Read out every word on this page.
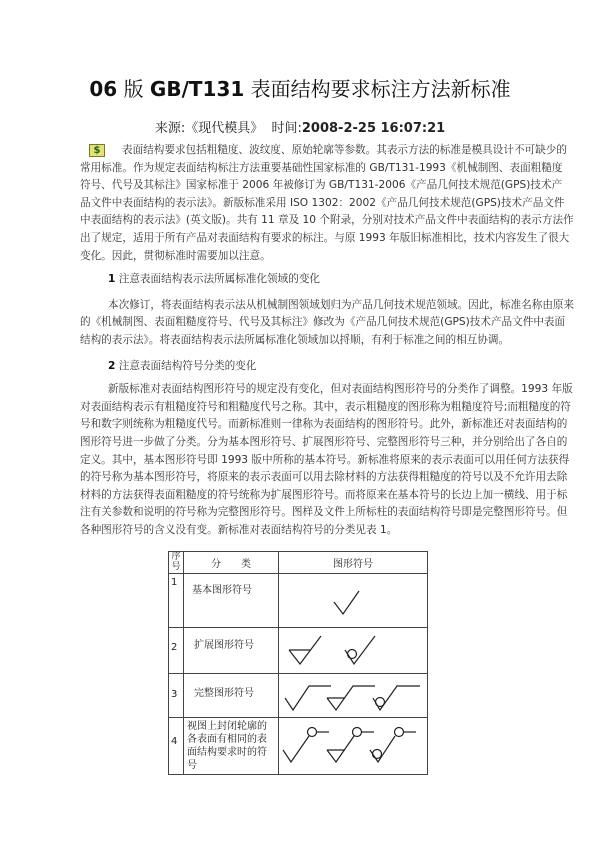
06 版 GB/T131 表面结构要求标注方法新标准
来源:《现代模具》 时间:2008-2-25 16:07:21
$	表面结构要求包括粗糙度、波纹度、原始轮廓等参数。其表示方法的标准是模具设计不可缺少的
常用标准。作为规定表面结构标注方法重要基础性国家标准的 GB/T131-1993《机械制图、表面粗糙度
符号、代号及其标注》国家标准于 2006 年被修订为 GB/T131-2006《产品几何技术规范(GPS)技术产
品文件中表面结构的表示法》。新版标准采用 ISO 1302：2002《产品几何技术规范(GPS)技术产品文件
中表面结构的表示法》(英文版)。共有 11 章及 10 个附录，分别对技术产品文件中表面结构的表示方法作
出了规定，适用于所有产品对表面结构有要求的标注。与原 1993 年版旧标准相比，技术内容发生了很大
变化。因此，贯彻标准时需要加以注意。
1 注意表面结构表示法所属标准化领域的变化
本次修订，将表面结构表示法从机械制图领域划归为产品几何技术规范领域。因此，标准名称由原来
的《机械制图、表面粗糙度符号、代号及其标注》修改为《产品几何技术规范(GPS)技术产品文件中表面
结构的表示法》。将表面结构表示法所属标准化领域加以捋顺，有利于标准之间的相互协调。
2 注意表面结构符号分类的变化
新版标准对表面结构图形符号的规定没有变化，但对表面结构图形符号的分类作了调整。1993 年版
对表面结构表示有粗糙度符号和粗糙度代号之称。其中，表示粗糙度的图形称为粗糙度符号;而粗糙度的符
号和数字则统称为粗糙度代号。而新标准则一律称为表面结构的图形符号。此外，新标准还对表面结构的
图形符号进一步做了分类。分为基本图形符号、扩展图形符号、完整图形符号三种，并分别给出了各自的
定义。其中，基本图形符号即 1993 版中所称的基本符号。新标准将原来的表示表面可以用任何方法获得
的符号称为基本图形符号，将原来的表示表面可以用去除材料的方法获得粗糙度的符号以及不允许用去除
材料的方法获得表面粗糙度的符号统称为扩展图形符号。而将原来在基本符号的长边上加一横线、用于标
注有关参数和说明的符号称为完整图形符号。图样及文件上所标柱的表面结构符号即是完整图形符号。但
各种图形符号的含义没有变。新标准对表面结构符号的分类见表 1。
序号	分　　类	图形符号
1	基本图形符号	
2	扩展图形符号	
3	完整图形符号	
4	视图上封闭轮廓的各表面有相同的表面结构要求时的符号	
